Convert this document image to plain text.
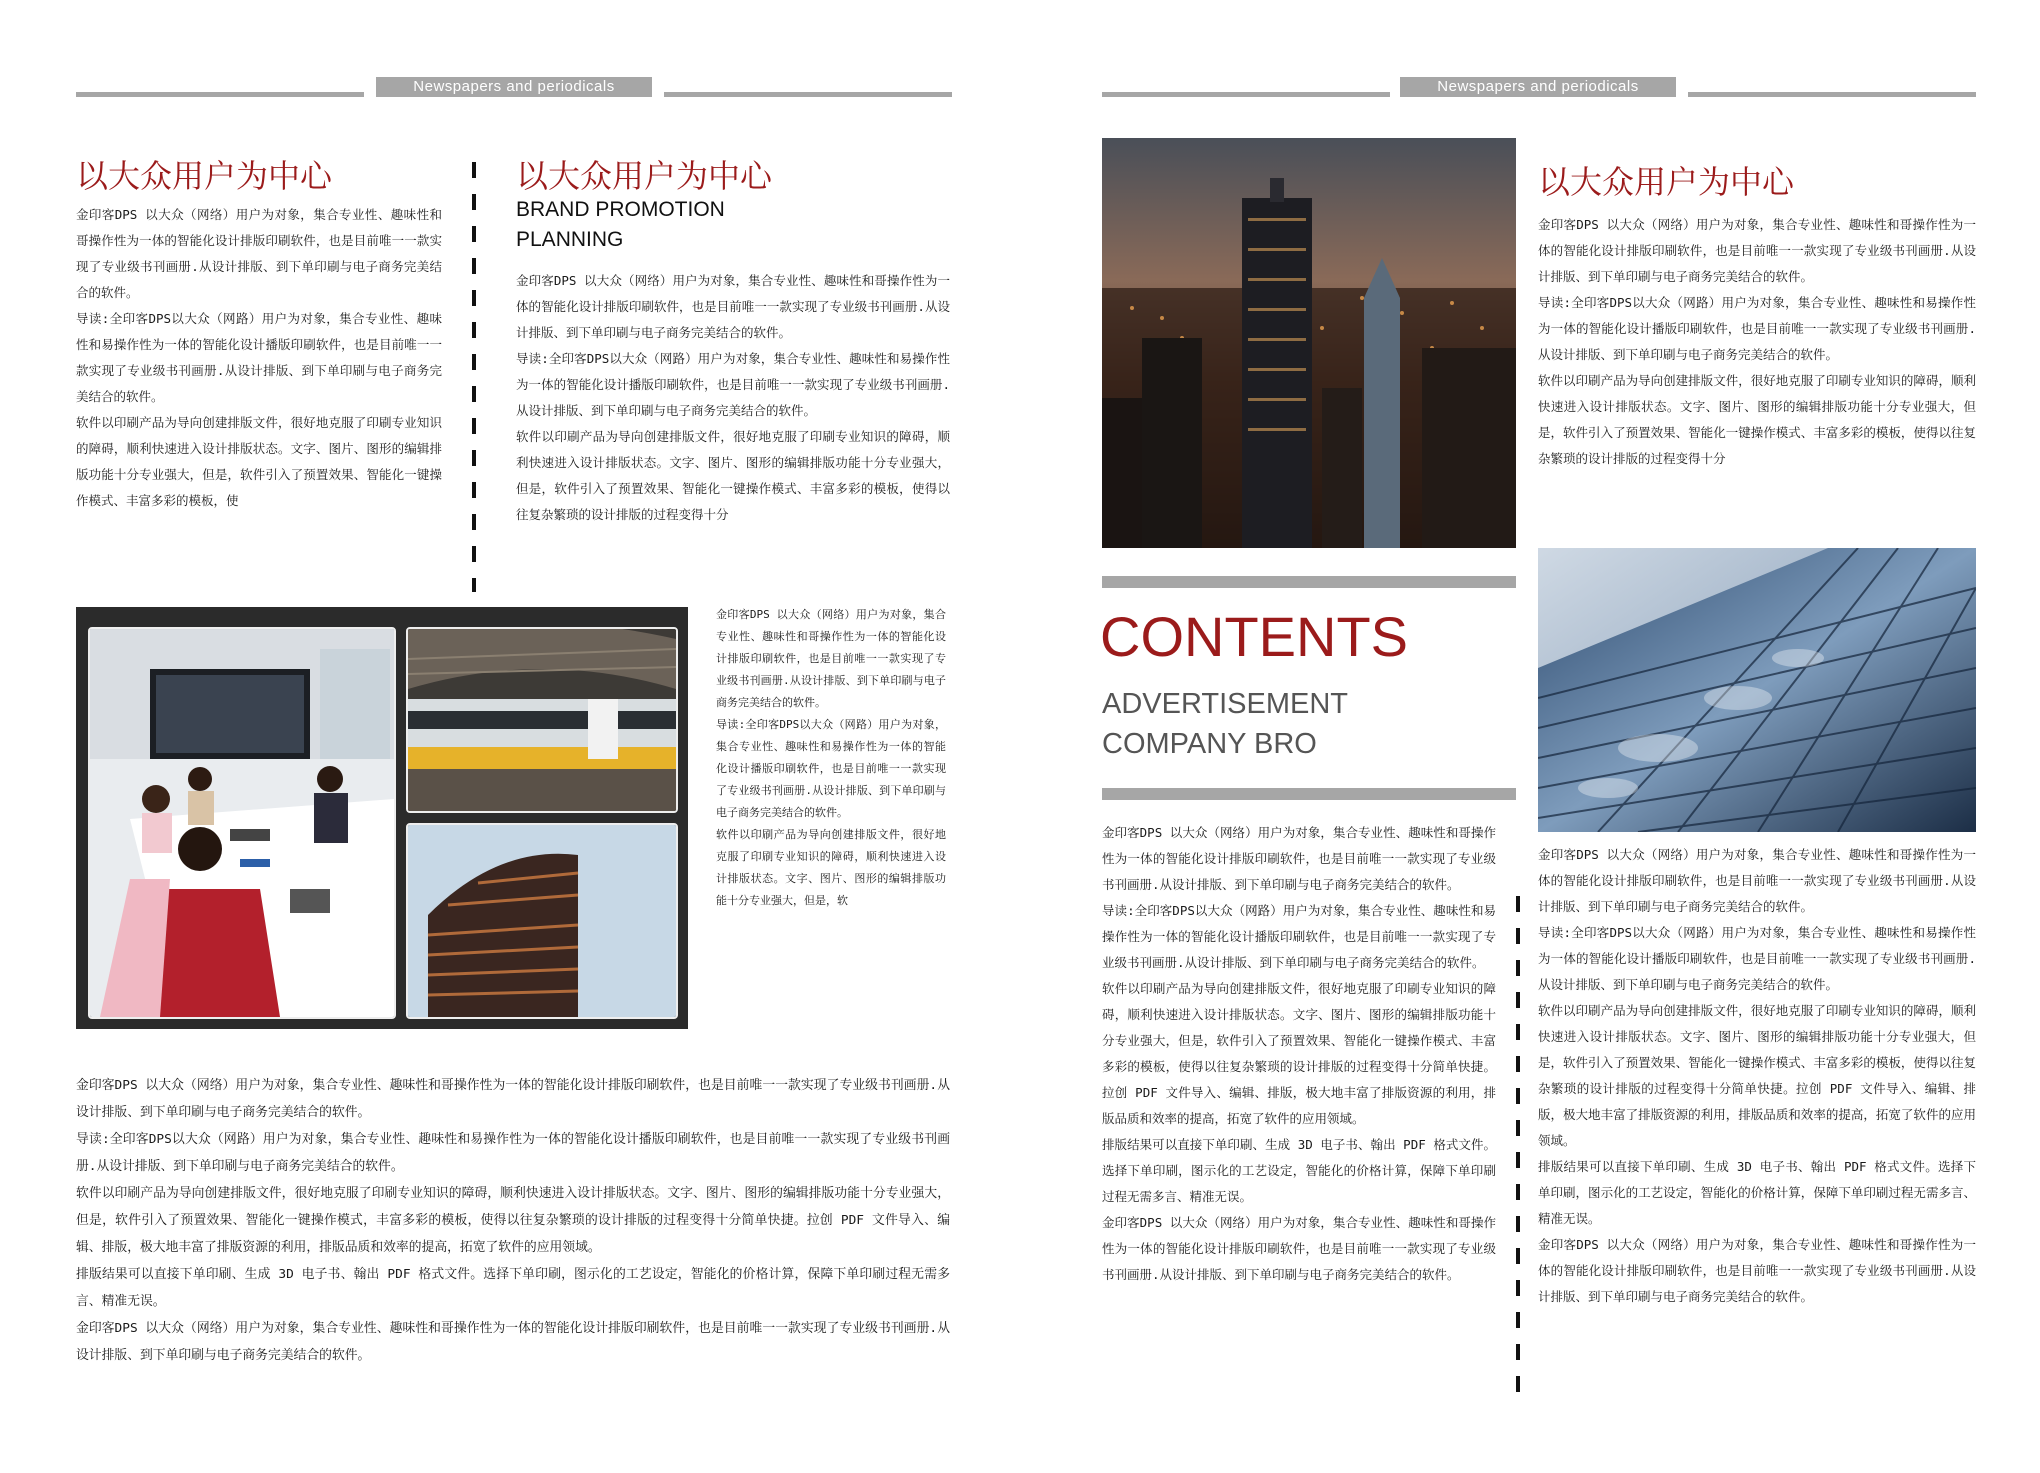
Newspapers and periodicals
以大众用户为中心

金印客DPS 以大众（网络）用户为对象，集合专业性、趣味性和哥操作性为一体的智能化设计排版印刷软件，也是目前唯一一款实现了专业级书刊画册.从设计排版、到下单印刷与电子商务完美结合的软件。

导读:全印客DPS以大众（网路）用户为对象，集合专业性、趣味性和易操作性为一体的智能化设计播版印刷软件，也是目前唯一一款实现了专业级书刊画册.从设计排版、到下单印刷与电子商务完美结合的软件。

软件以印刷产品为导向创建排版文件，很好地克服了印刷专业知识的障碍，顺利快速进入设计排版状态。文字、图片、图形的编辑排版功能十分专业强大，但是，软件引入了预置效果、智能化一键操作模式、丰富多彩的模板，使

以大众用户为中心
BRAND PROMOTION
PLANNING

金印客DPS 以大众（网络）用户为对象，集合专业性、趣味性和哥操作性为一体的智能化设计排版印刷软件，也是目前唯一一款实现了专业级书刊画册.从设计排版、到下单印刷与电子商务完美结合的软件。

导读:全印客DPS以大众（网路）用户为对象，集合专业性、趣味性和易操作性为一体的智能化设计播版印刷软件，也是目前唯一一款实现了专业级书刊画册.从设计排版、到下单印刷与电子商务完美结合的软件。

软件以印刷产品为导向创建排版文件，很好地克服了印刷专业知识的障碍，顺利快速进入设计排版状态。文字、图片、图形的编辑排版功能十分专业强大，但是，软件引入了预置效果、智能化一键操作模式、丰富多彩的模板，使得以往复杂繁琐的设计排版的过程变得十分

金印客DPS 以大众（网络）用户为对象，集合专业性、趣味性和哥操作性为一体的智能化设计排版印刷软件，也是目前唯一一款实现了专业级书刊画册.从设计排版、到下单印刷与电子商务完美结合的软件。

导读:全印客DPS以大众（网路）用户为对象，集合专业性、趣味性和易操作性为一体的智能化设计播版印刷软件，也是目前唯一一款实现了专业级书刊画册.从设计排版、到下单印刷与电子商务完美结合的软件。

软件以印刷产品为导向创建排版文件，很好地克服了印刷专业知识的障碍，顺利快速进入设计排版状态。文字、图片、图形的编辑排版功能十分专业强大，但是，软

金印客DPS 以大众（网络）用户为对象，集合专业性、趣味性和哥操作性为一体的智能化设计排版印刷软件，也是目前唯一一款实现了专业级书刊画册.从设计排版、到下单印刷与电子商务完美结合的软件。

导读:全印客DPS以大众（网路）用户为对象，集合专业性、趣味性和易操作性为一体的智能化设计播版印刷软件，也是目前唯一一款实现了专业级书刊画册.从设计排版、到下单印刷与电子商务完美结合的软件。

软件以印刷产品为导向创建排版文件，很好地克服了印刷专业知识的障碍，顺利快速进入设计排版状态。文字、图片、图形的编辑排版功能十分专业强大，但是，软件引入了预置效果、智能化一键操作模式，丰富多彩的模板，使得以往复杂繁琐的设计排版的过程变得十分简单快捷。拉创 PDF 文件导入、编辑、排版，极大地丰富了排版资源的利用，排版品质和效率的提高，拓宽了软件的应用领域。

排版结果可以直接下单印刷、生成 3D 电子书、翰出 PDF 格式文件。选择下单印刷，图示化的工艺设定，智能化的价格计算，保障下单印刷过程无需多言、精准无误。

金印客DPS 以大众（网络）用户为对象，集合专业性、趣味性和哥操作性为一体的智能化设计排版印刷软件，也是目前唯一一款实现了专业级书刊画册.从设计排版、到下单印刷与电子商务完美结合的软件。

Newspapers and periodicals
CONTENTS
ADVERTISEMENT
COMPANY BRO

金印客DPS 以大众（网络）用户为对象，集合专业性、趣味性和哥操作性为一体的智能化设计排版印刷软件，也是目前唯一一款实现了专业级书刊画册.从设计排版、到下单印刷与电子商务完美结合的软件。

导读:全印客DPS以大众（网路）用户为对象，集合专业性、趣味性和易操作性为一体的智能化设计播版印刷软件，也是目前唯一一款实现了专业级书刊画册.从设计排版、到下单印刷与电子商务完美结合的软件。

软件以印刷产品为导向创建排版文件，很好地克服了印刷专业知识的障碍，顺利快速进入设计排版状态。文字、图片、图形的编辑排版功能十分专业强大，但是，软件引入了预置效果、智能化一键操作模式、丰富多彩的模板，使得以往复杂繁琐的设计排版的过程变得十分简单快捷。拉创 PDF 文件导入、编辑、排版，极大地丰富了排版资源的利用，排版品质和效率的提高，拓宽了软件的应用领域。

排版结果可以直接下单印刷、生成 3D 电子书、翰出 PDF 格式文件。选择下单印刷，图示化的工艺设定，智能化的价格计算，保障下单印刷过程无需多言、精准无误。

金印客DPS 以大众（网络）用户为对象，集合专业性、趣味性和哥操作性为一体的智能化设计排版印刷软件，也是目前唯一一款实现了专业级书刊画册.从设计排版、到下单印刷与电子商务完美结合的软件。

以大众用户为中心

金印客DPS 以大众（网络）用户为对象，集合专业性、趣味性和哥操作性为一体的智能化设计排版印刷软件，也是目前唯一一款实现了专业级书刊画册.从设计排版、到下单印刷与电子商务完美结合的软件。

导读:全印客DPS以大众（网路）用户为对象，集合专业性、趣味性和易操作性为一体的智能化设计播版印刷软件，也是目前唯一一款实现了专业级书刊画册.从设计排版、到下单印刷与电子商务完美结合的软件。

软件以印刷产品为导向创建排版文件，很好地克服了印刷专业知识的障碍，顺利快速进入设计排版状态。文字、图片、图形的编辑排版功能十分专业强大，但是，软件引入了预置效果、智能化一键操作模式、丰富多彩的模板，使得以往复杂繁琐的设计排版的过程变得十分

金印客DPS 以大众（网络）用户为对象，集合专业性、趣味性和哥操作性为一体的智能化设计排版印刷软件，也是目前唯一一款实现了专业级书刊画册.从设计排版、到下单印刷与电子商务完美结合的软件。

导读:全印客DPS以大众（网路）用户为对象，集合专业性、趣味性和易操作性为一体的智能化设计播版印刷软件，也是目前唯一一款实现了专业级书刊画册.从设计排版、到下单印刷与电子商务完美结合的软件。

软件以印刷产品为导向创建排版文件，很好地克服了印刷专业知识的障碍，顺利快速进入设计排版状态。文字、图片、图形的编辑排版功能十分专业强大，但是，软件引入了预置效果、智能化一键操作模式、丰富多彩的模板，使得以往复杂繁琐的设计排版的过程变得十分简单快捷。拉创 PDF 文件导入、编辑、排版，极大地丰富了排版资源的利用，排版品质和效率的提高，拓宽了软件的应用领域。

排版结果可以直接下单印刷、生成 3D 电子书、翰出 PDF 格式文件。选择下单印刷，图示化的工艺设定，智能化的价格计算，保障下单印刷过程无需多言、精准无误。

金印客DPS 以大众（网络）用户为对象，集合专业性、趣味性和哥操作性为一体的智能化设计排版印刷软件，也是目前唯一一款实现了专业级书刊画册.从设计排版、到下单印刷与电子商务完美结合的软件。
